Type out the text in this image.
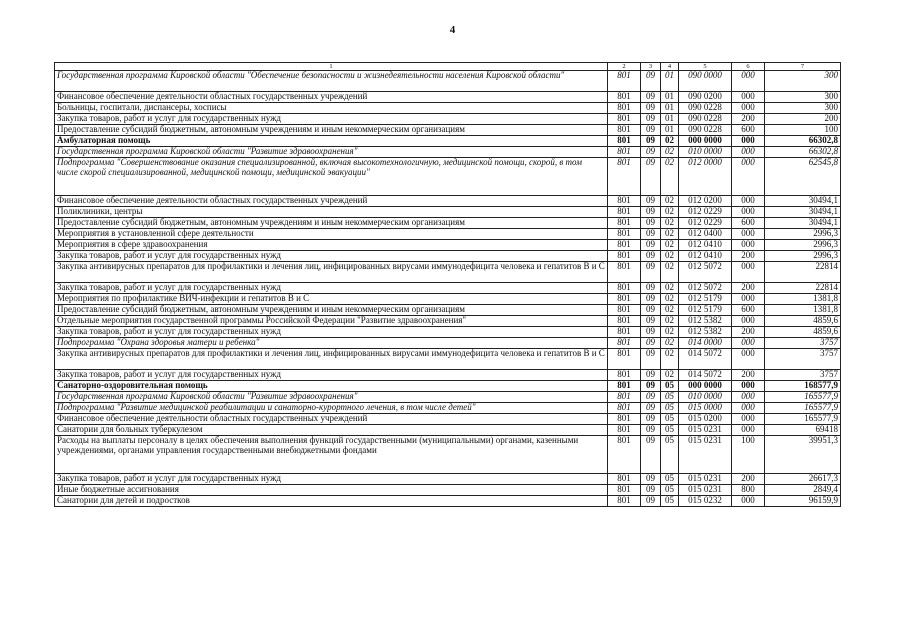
4
1	2	3	4	5	6	7
Государственная программа Кировской области "Обеспечение безопасности и жизнедеятельности населения Кировской области"	801	09	01	090 0000	000	300
Финансовое обеспечение деятельности областных государственных учреждений	801	09	01	090 0200	000	300
Больницы, госпитали, диспансеры, хосписы	801	09	01	090 0228	000	300
Закупка товаров, работ и услуг для государственных нужд	801	09	01	090 0228	200	200
Предоставление субсидий бюджетным, автономным учреждениям и иным некоммерческим организациям	801	09	01	090 0228	600	100
Амбулаторная помощь	801	09	02	000 0000	000	66302,8
Государственная программа Кировской области "Развитие здравоохранения"	801	09	02	010 0000	000	66302,8
Подпрограмма "Совершенствование оказания специализированной, включая высокотехнологичную, медицинской помощи, скорой, в том числе скорой специализированной, медицинской помощи, медицинской эвакуации"	801	09	02	012 0000	000	62545,8
Финансовое обеспечение деятельности областных государственных учреждений	801	09	02	012 0200	000	30494,1
Поликлиники, центры	801	09	02	012 0229	000	30494,1
Предоставление субсидий бюджетным, автономным учреждениям и иным некоммерческим организациям	801	09	02	012 0229	600	30494,1
Мероприятия в установленной сфере деятельности	801	09	02	012 0400	000	2996,3
Мероприятия в сфере здравоохранения	801	09	02	012 0410	000	2996,3
Закупка товаров, работ и услуг для государственных нужд	801	09	02	012 0410	200	2996,3
Закупка антивирусных препаратов для профилактики и лечения лиц, инфицированных вирусами иммунодефицита человека и гепатитов В и С	801	09	02	012 5072	000	22814
Закупка товаров, работ и услуг для государственных нужд	801	09	02	012 5072	200	22814
Мероприятия по профилактике ВИЧ-инфекции и гепатитов В и С	801	09	02	012 5179	000	1381,8
Предоставление субсидий бюджетным, автономным учреждениям и иным некоммерческим организациям	801	09	02	012 5179	600	1381,8
Отдельные мероприятия государственной программы Российской Федерации "Развитие здравоохранения"	801	09	02	012 5382	000	4859,6
Закупка товаров, работ и услуг для государственных нужд	801	09	02	012 5382	200	4859,6
Подпрограмма "Охрана здоровья матери и ребенка"	801	09	02	014 0000	000	3757
Закупка антивирусных препаратов для профилактики и лечения лиц, инфицированных вирусами иммунодефицита человека и гепатитов В и С	801	09	02	014 5072	000	3757
Закупка товаров, работ и услуг для государственных нужд	801	09	02	014 5072	200	3757
Санаторно-оздоровительная помощь	801	09	05	000 0000	000	168577,9
Государственная программа Кировской области "Развитие здравоохранения"	801	09	05	010 0000	000	165577,9
Подпрограмма "Развитие медицинской реабилитации и санаторно-курортного лечения, в том числе детей"	801	09	05	015 0000	000	165577,9
Финансовое обеспечение деятельности областных государственных учреждений	801	09	05	015 0200	000	165577,9
Санатории для больных туберкулезом	801	09	05	015 0231	000	69418
Расходы на выплаты персоналу в целях обеспечения выполнения функций государственными (муниципальными) органами, казенными учреждениями, органами управления государственными внебюджетными фондами	801	09	05	015 0231	100	39951,3
Закупка товаров, работ и услуг для государственных нужд	801	09	05	015 0231	200	26617,3
Иные бюджетные ассигнования	801	09	05	015 0231	800	2849,4
Санатории для детей и подростков	801	09	05	015 0232	000	96159,9
